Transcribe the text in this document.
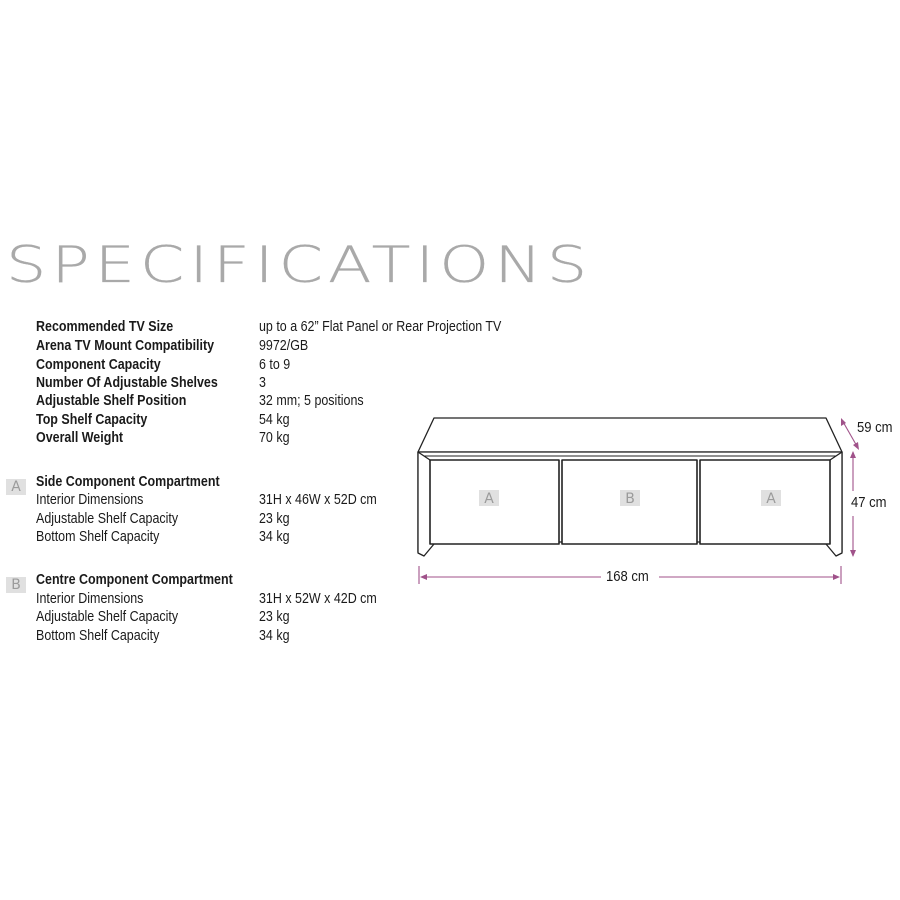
SPECIFICATIONS
Recommended TV Size	up to a 62” Flat Panel or Rear Projection TV
Arena TV Mount Compatibility	9972/GB
Component Capacity	6 to 9
Number Of Adjustable Shelves	3
Adjustable Shelf Position	32 mm; 5 positions
Top Shelf Capacity	54 kg
Overall Weight	70 kg
A	Side Component Compartment
Interior Dimensions	31H x 46W x 52D cm
Adjustable Shelf Capacity	23 kg
Bottom Shelf Capacity	34 kg
B	Centre Component Compartment
Interior Dimensions	31H x 52W x 42D cm
Adjustable Shelf Capacity	23 kg
Bottom Shelf Capacity	34 kg
A	B	A
168 cm
47 cm
59 cm
